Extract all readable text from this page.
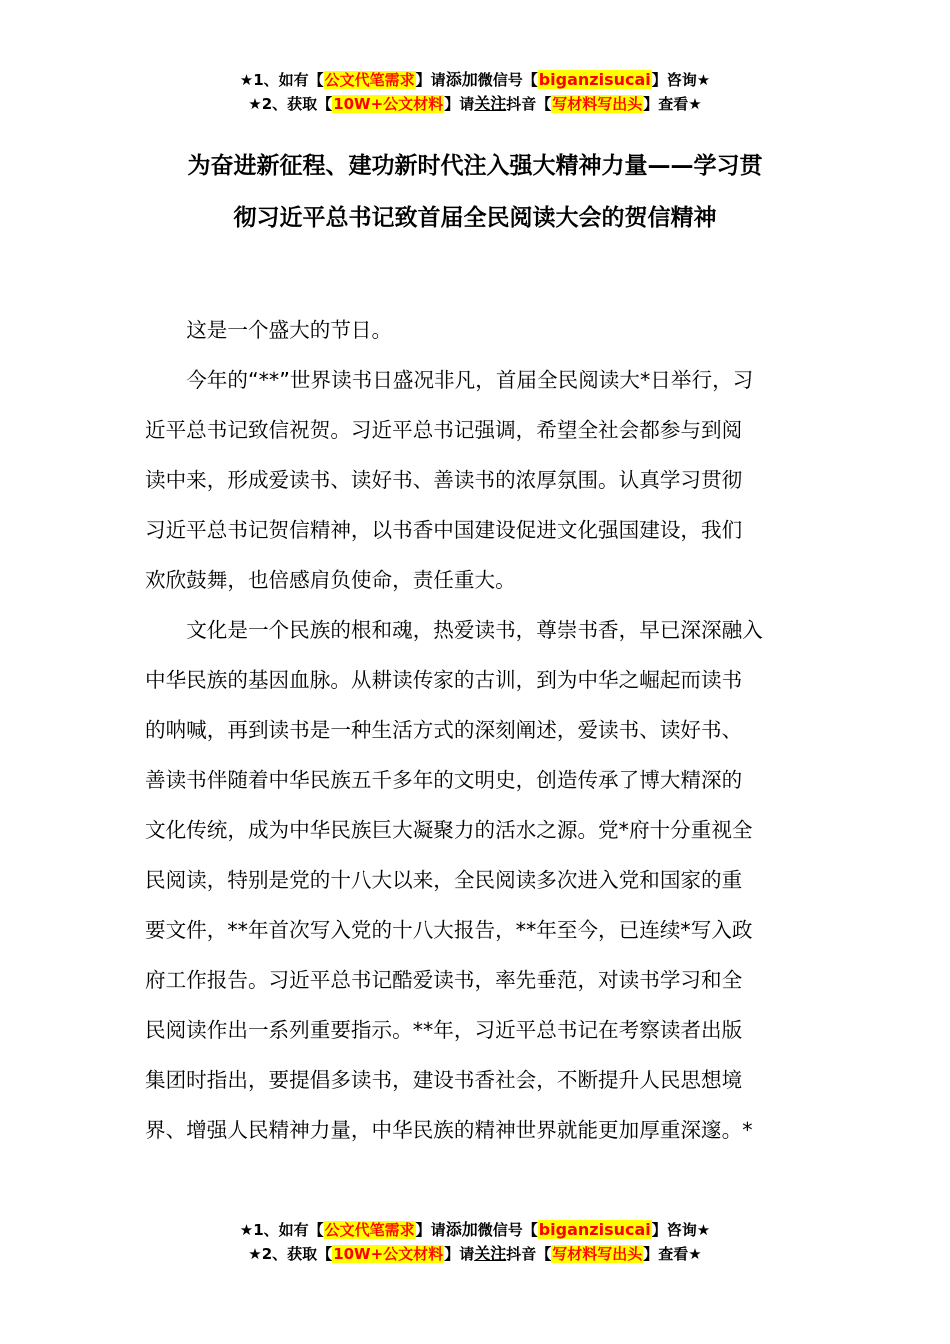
★1、如有【公文代笔需求】请添加微信号【biganzisucai】咨询★
★2、获取【10W+公文材料】请关注抖音【写材料写出头】查看★
为奋进新征程、建功新时代注入强大精神力量——学习贯
彻习近平总书记致首届全民阅读大会的贺信精神
这是一个盛大的节日。
今年的“**”世界读书日盛况非凡，首届全民阅读大*日举行，习
近平总书记致信祝贺。习近平总书记强调，希望全社会都参与到阅
读中来，形成爱读书、读好书、善读书的浓厚氛围。认真学习贯彻
习近平总书记贺信精神，以书香中国建设促进文化强国建设，我们
欢欣鼓舞，也倍感肩负使命，责任重大。
文化是一个民族的根和魂，热爱读书，尊崇书香，早已深深融入
中华民族的基因血脉。从耕读传家的古训，到为中华之崛起而读书
的呐喊，再到读书是一种生活方式的深刻阐述，爱读书、读好书、
善读书伴随着中华民族五千多年的文明史，创造传承了博大精深的
文化传统，成为中华民族巨大凝聚力的活水之源。党*府十分重视全
民阅读，特别是党的十八大以来，全民阅读多次进入党和国家的重
要文件，**年首次写入党的十八大报告，**年至今，已连续*写入政
府工作报告。习近平总书记酷爱读书，率先垂范，对读书学习和全
民阅读作出一系列重要指示。**年，习近平总书记在考察读者出版
集团时指出，要提倡多读书，建设书香社会，不断提升人民思想境
界、增强人民精神力量，中华民族的精神世界就能更加厚重深邃。*
★1、如有【公文代笔需求】请添加微信号【biganzisucai】咨询★
★2、获取【10W+公文材料】请关注抖音【写材料写出头】查看★
